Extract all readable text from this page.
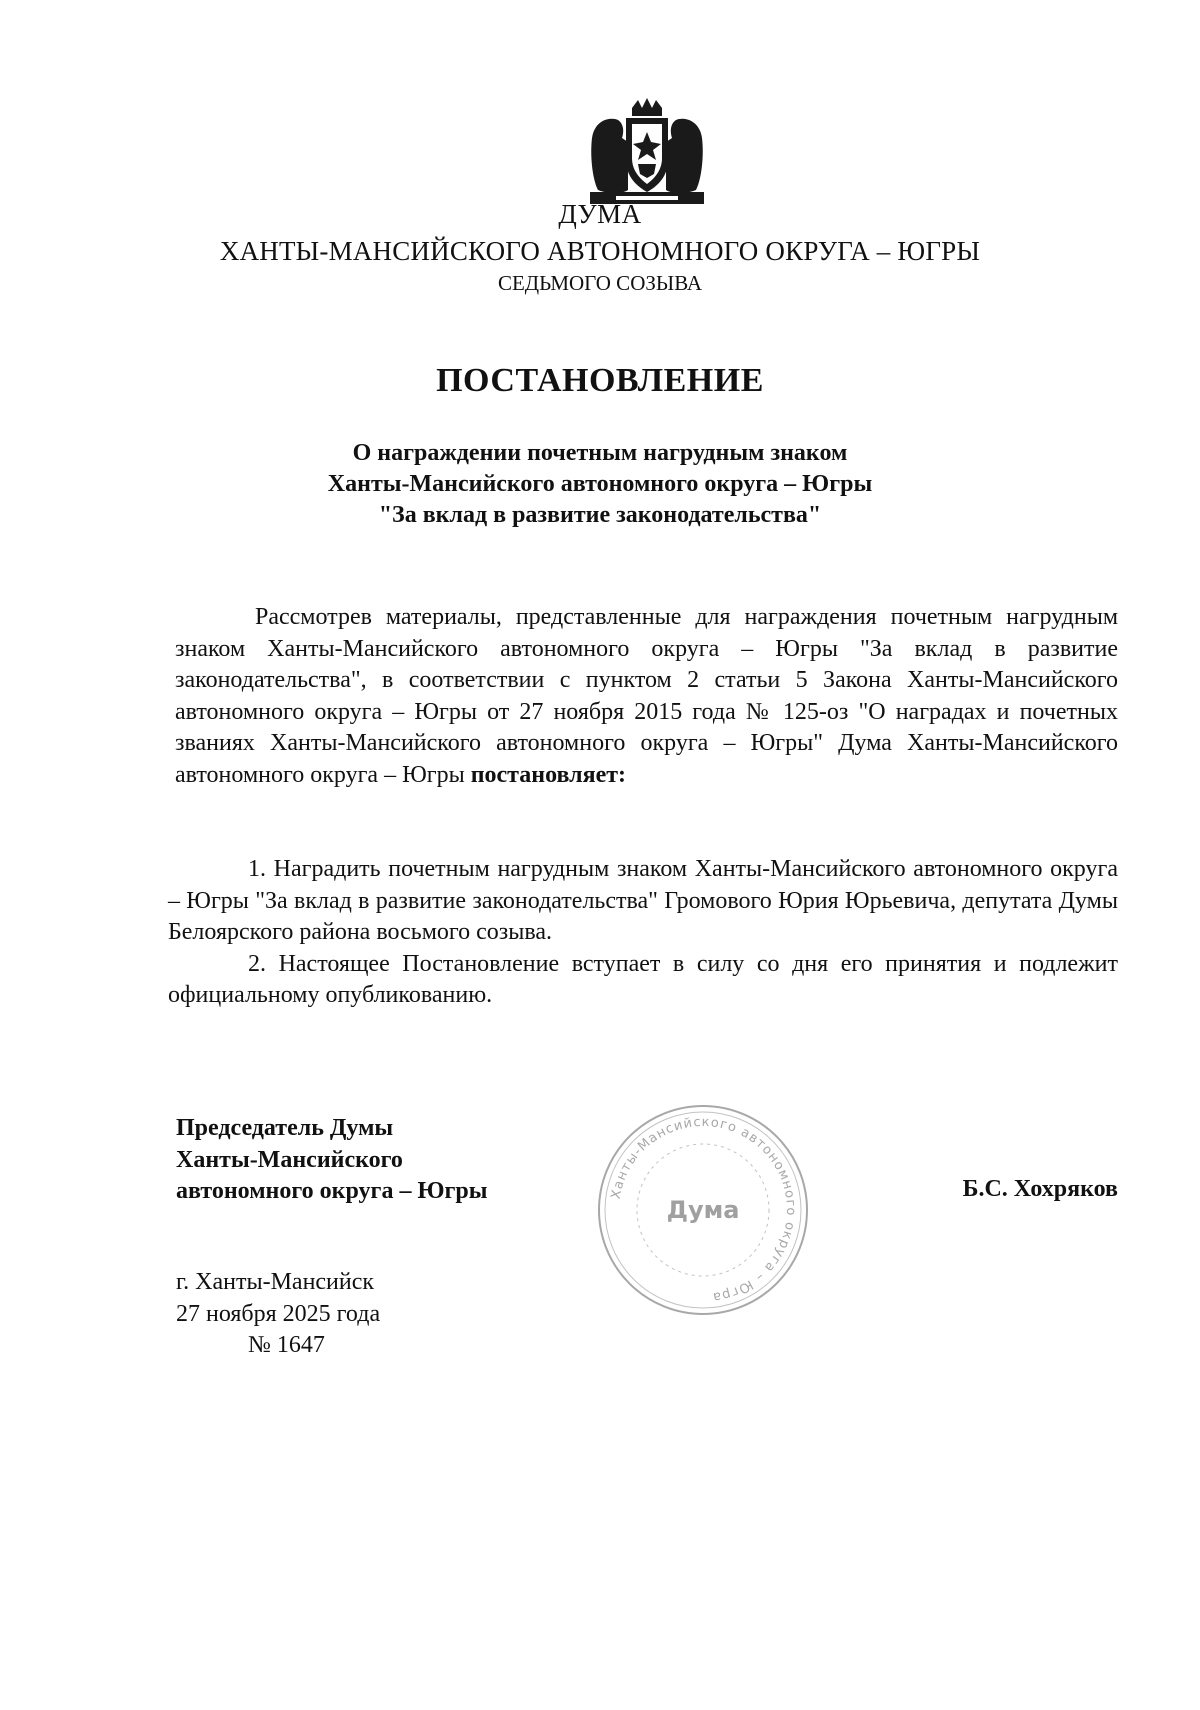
ДУМА
ХАНТЫ-МАНСИЙСКОГО АВТОНОМНОГО ОКРУГА – ЮГРЫ
СЕДЬМОГО СОЗЫВА
ПОСТАНОВЛЕНИЕ
О награждении почетным нагрудным знаком
Ханты-Мансийского автономного округа – Югры
"За вклад в развитие законодательства"

Рассмотрев материалы, представленные для награждения почетным нагрудным знаком Ханты-Мансийского автономного округа – Югры "За вклад в развитие законодательства", в соответствии с пунктом 2 статьи 5 Закона Ханты-Мансийского автономного округа – Югры от 27 ноября 2015 года № 125-оз "О наградах и почетных званиях Ханты-Мансийского автономного округа – Югры" Дума Ханты-Мансийского автономного округа – Югры постановляет:

1. Наградить почетным нагрудным знаком Ханты-Мансийского автономного округа – Югры "За вклад в развитие законодательства" Громового Юрия Юрьевича, депутата Думы Белоярского района восьмого созыва.

2. Настоящее Постановление вступает в силу со дня его принятия и подлежит официальному опубликованию.

Председатель Думы
Ханты-Мансийского
автономного округа – Югры	Ханты-Мансийского автономного округа – Югра
Дума
Б.С. Хохряков
г. Ханты-Мансийск
27 ноября 2025 года
№ 1647
